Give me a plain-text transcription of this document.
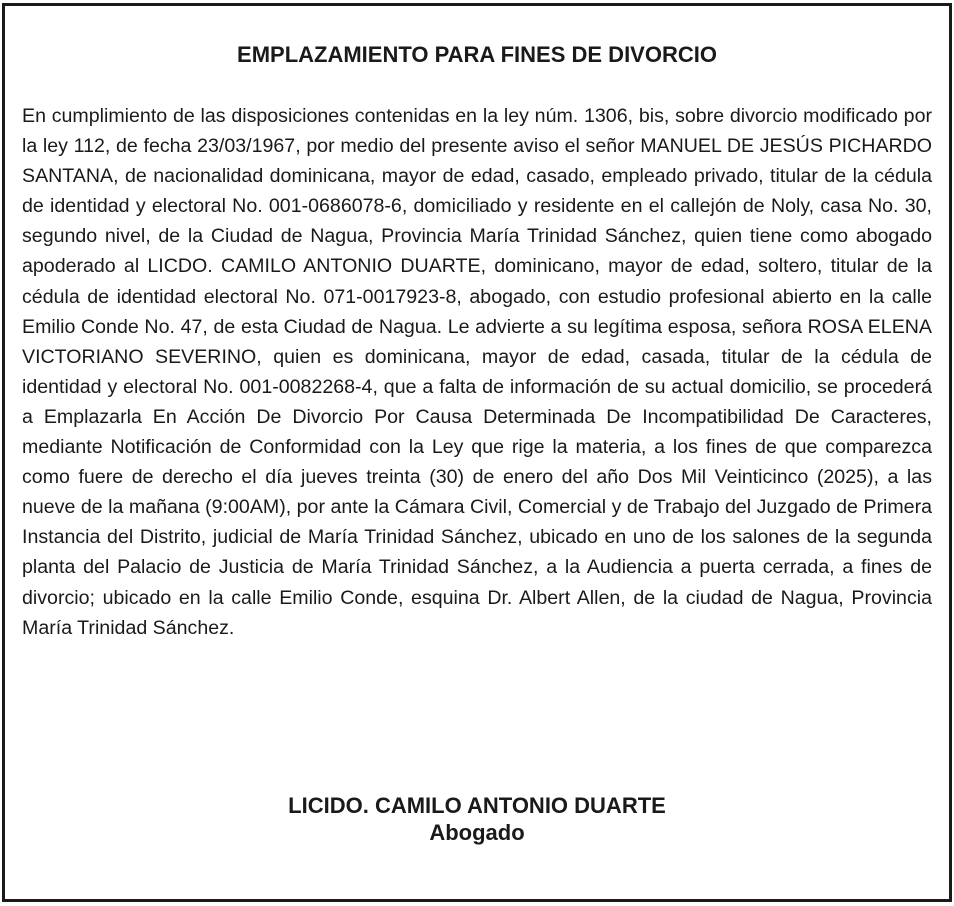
EMPLAZAMIENTO PARA FINES DE DIVORCIO

En cumplimiento de las disposiciones contenidas en la ley núm. 1306, bis, sobre divorcio modificado por la ley 112, de fecha 23/03/1967, por medio del presente aviso el señor MANUEL DE JESÚS PICHARDO SANTANA, de nacionalidad dominicana, mayor de edad, casado, empleado privado, titular de la cédula de identidad y electoral No. 001-0686078-6, domiciliado y residente en el callejón de Noly, casa No. 30, segundo nivel, de la Ciudad de Nagua, Provincia María Trinidad Sánchez, quien tiene como abogado apoderado al LICDO. CAMILO ANTONIO DUARTE, dominicano, mayor de edad, soltero, titular de la cédula de identidad electoral No. 071-0017923-8, abogado, con estudio profesional abierto en la calle Emilio Conde No. 47, de esta Ciudad de Nagua. Le advierte a su legítima esposa, señora ROSA ELENA VICTORIANO SEVERINO, quien es dominicana, mayor de edad, casada, titular de la cédula de identidad y electoral No. 001-0082268-4, que a falta de información de su actual domicilio, se procederá a Emplazarla En Acción De Divorcio Por Causa Determinada De Incompatibilidad De Caracteres, mediante Notificación de Conformidad con la Ley que rige la materia, a los fines de que comparezca como fuere de derecho el día jueves treinta (30) de enero del año Dos Mil Veinticinco (2025), a las nueve de la mañana (9:00AM), por ante la Cámara Civil, Comercial y de Trabajo del Juzgado de Primera Instancia del Distrito, judicial de María Trinidad Sánchez, ubicado en uno de los salones de la segunda planta del Palacio de Justicia de María Trinidad Sánchez, a la Audiencia a puerta cerrada, a fines de divorcio; ubicado en la calle Emilio Conde, esquina Dr. Albert Allen, de la ciudad de Nagua, Provincia María Trinidad Sánchez.

LICIDO. CAMILO ANTONIO DUARTE
Abogado
